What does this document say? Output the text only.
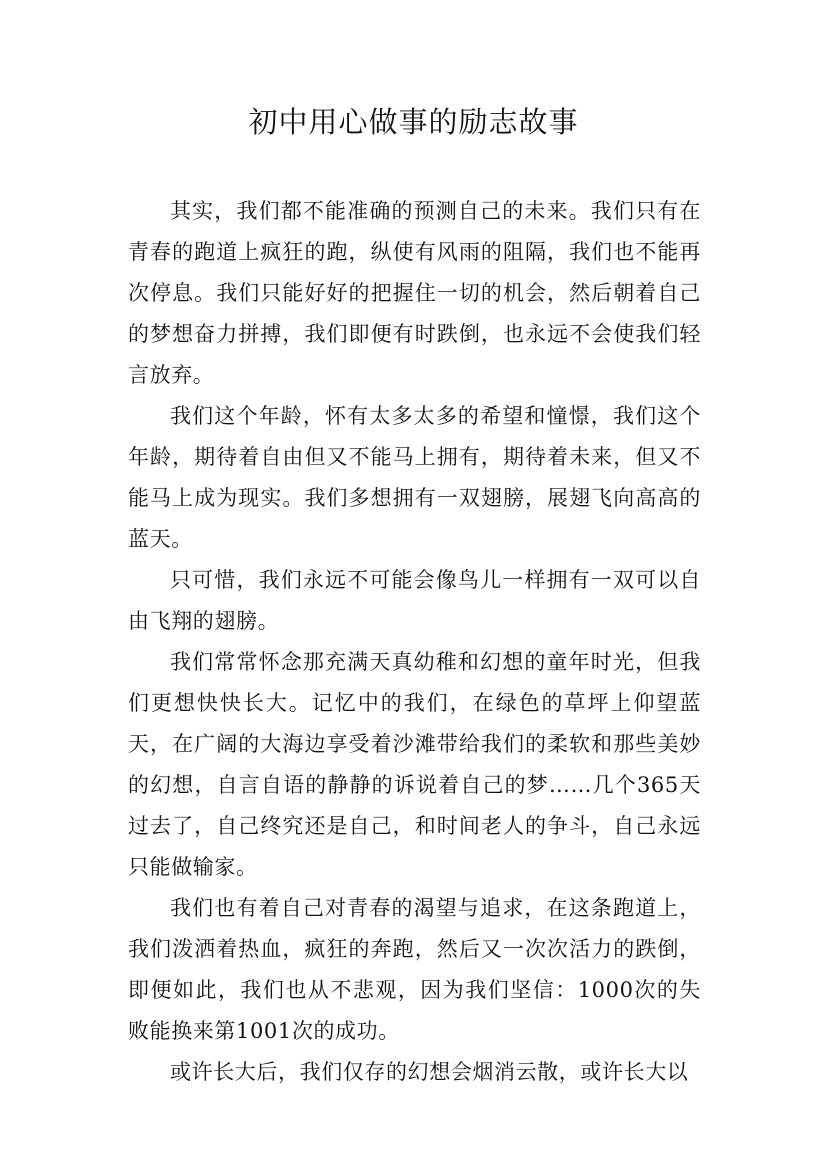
初中用心做事的励志故事

其实，我们都不能准确的预测自己的未来。我们只有在青春的跑道上疯狂的跑，纵使有风雨的阻隔，我们也不能再次停息。我们只能好好的把握住一切的机会，然后朝着自己的梦想奋力拼搏，我们即便有时跌倒，也永远不会使我们轻言放弃。

我们这个年龄，怀有太多太多的希望和憧憬，我们这个年龄，期待着自由但又不能马上拥有，期待着未来，但又不能马上成为现实。我们多想拥有一双翅膀，展翅飞向高高的蓝天。

只可惜，我们永远不可能会像鸟儿一样拥有一双可以自由飞翔的翅膀。

我们常常怀念那充满天真幼稚和幻想的童年时光，但我们更想快快长大。记忆中的我们，在绿色的草坪上仰望蓝天，在广阔的大海边享受着沙滩带给我们的柔软和那些美妙的幻想，自言自语的静静的诉说着自己的梦……几个365天过去了，自己终究还是自己，和时间老人的争斗，自己永远只能做输家。

我们也有着自己对青春的渴望与追求，在这条跑道上，我们泼洒着热血，疯狂的奔跑，然后又一次次活力的跌倒，即便如此，我们也从不悲观，因为我们坚信：1000次的失败能换来第1001次的成功。

或许长大后，我们仅存的幻想会烟消云散，或许长大以
